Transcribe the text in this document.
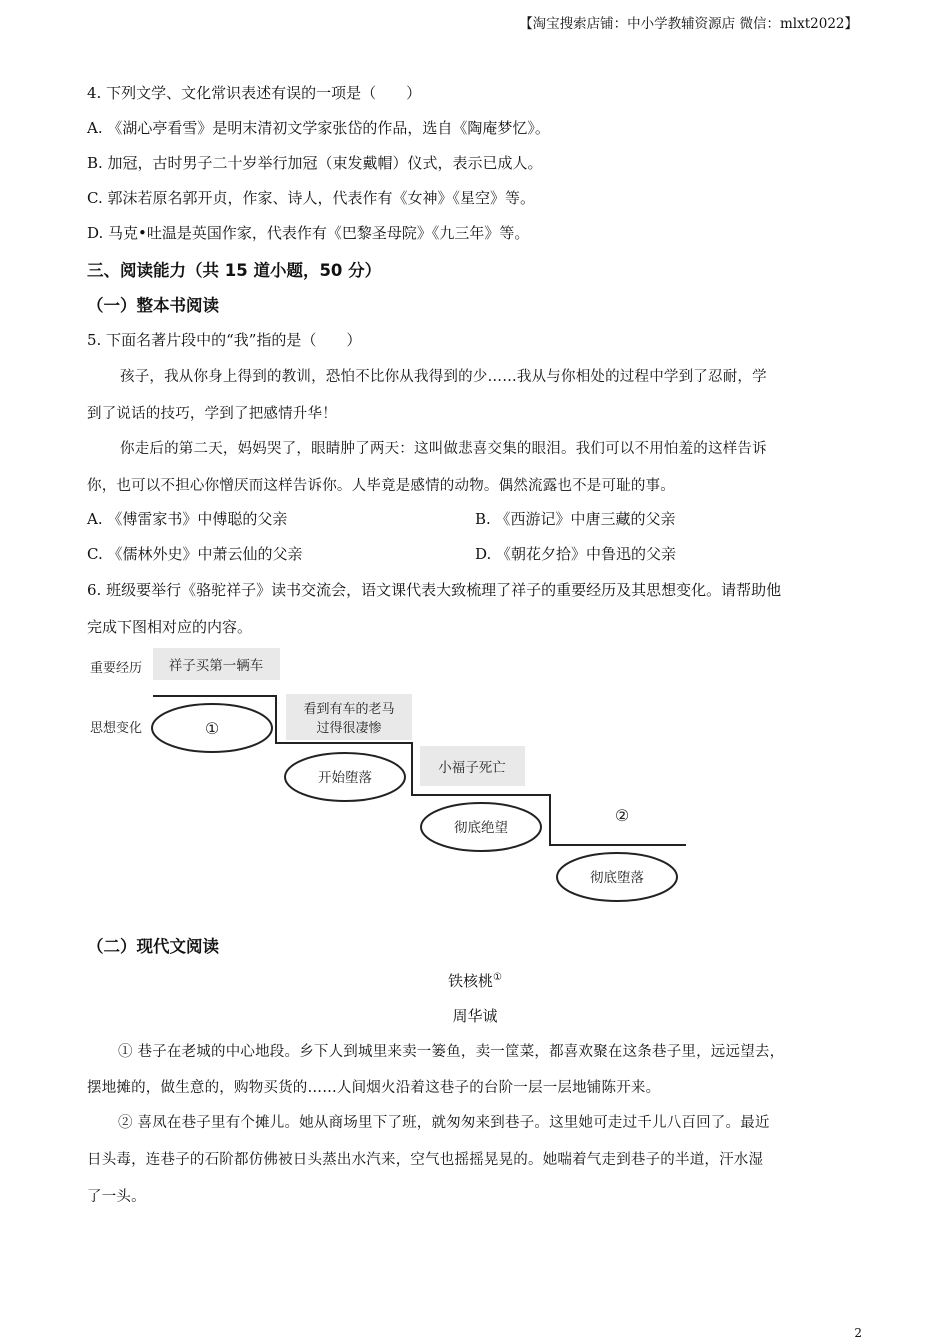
【淘宝搜索店铺：中小学教辅资源店 微信：mlxt2022】
4. 下列文学、文化常识表述有误的一项是（　　）
A. 《湖心亭看雪》是明末清初文学家张岱的作品，选自《陶庵梦忆》。
B. 加冠，古时男子二十岁举行加冠（束发戴帽）仪式，表示已成人。
C. 郭沫若原名郭开贞，作家、诗人，代表作有《女神》《星空》等。
D. 马克•吐温是英国作家，代表作有《巴黎圣母院》《九三年》等。
三、阅读能力（共 15 道小题，50 分）
（一）整本书阅读
5. 下面名著片段中的“我”指的是（　　）
孩子，我从你身上得到的教训，恐怕不比你从我得到的少……我从与你相处的过程中学到了忍耐，学
到了说话的技巧，学到了把感情升华！
你走后的第二天，妈妈哭了，眼睛肿了两天：这叫做悲喜交集的眼泪。我们可以不用怕羞的这样告诉
你，也可以不担心你憎厌而这样告诉你。人毕竟是感情的动物。偶然流露也不是可耻的事。
A. 《傅雷家书》中傅聪的父亲	B. 《西游记》中唐三藏的父亲
C. 《儒林外史》中萧云仙的父亲	D. 《朝花夕拾》中鲁迅的父亲
6. 班级要举行《骆驼祥子》读书交流会，语文课代表大致梳理了祥子的重要经历及其思想变化。请帮助他
完成下图相对应的内容。
重要经历
思想变化
祥子买第一辆车
看到有车的老马
过得很凄惨
小福子死亡
②
①
开始堕落
彻底绝望
彻底堕落
（二）现代文阅读
铁核桃①
周华诚
① 巷子在老城的中心地段。乡下人到城里来卖一篓鱼，卖一筐菜，都喜欢聚在这条巷子里，远远望去，
摆地摊的，做生意的，购物买货的……人间烟火沿着这巷子的台阶一层一层地铺陈开来。
② 喜凤在巷子里有个摊儿。她从商场里下了班，就匆匆来到巷子。这里她可走过千儿八百回了。最近
日头毒，连巷子的石阶都仿佛被日头蒸出水汽来，空气也摇摇晃晃的。她喘着气走到巷子的半道，汗水湿
了一头。
2
